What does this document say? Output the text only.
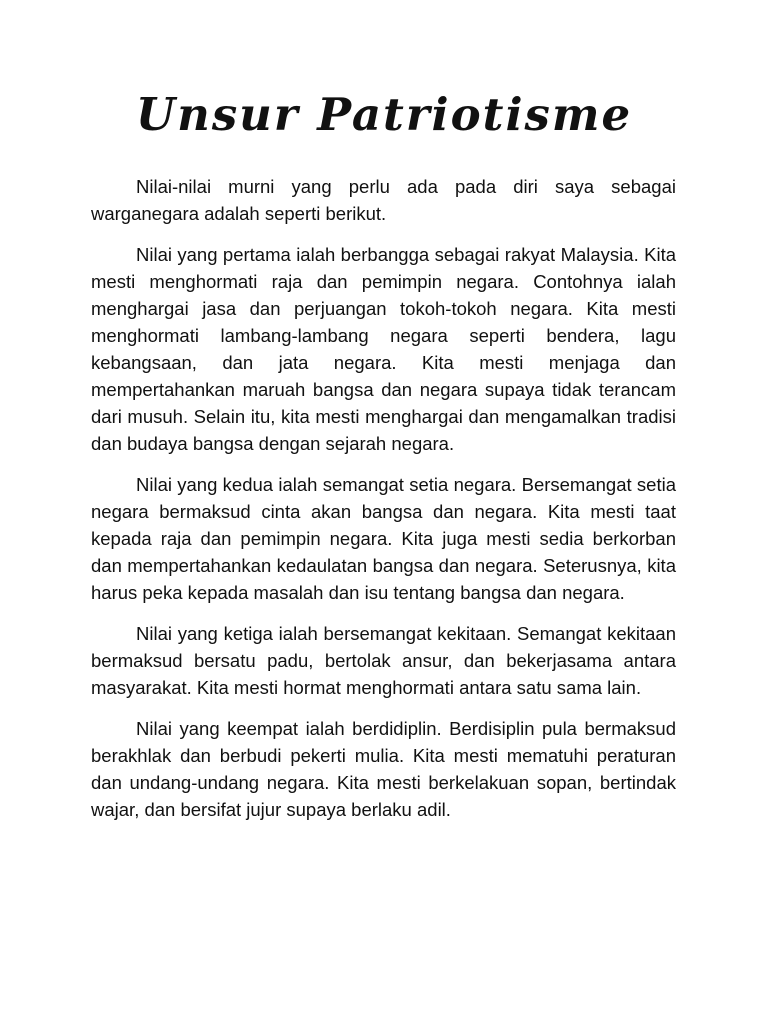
Unsur Patriotisme

Nilai-nilai murni yang perlu ada pada diri saya sebagai warganegara adalah seperti berikut.

Nilai yang pertama ialah berbangga sebagai rakyat Malaysia. Kita mesti menghormati raja dan pemimpin negara. Contohnya ialah menghargai jasa dan perjuangan tokoh-tokoh negara. Kita mesti menghormati lambang-lambang negara seperti bendera, lagu kebangsaan, dan jata negara. Kita mesti menjaga dan mempertahankan maruah bangsa dan negara supaya tidak terancam dari musuh. Selain itu, kita mesti menghargai dan mengamalkan tradisi dan budaya bangsa dengan sejarah negara.

Nilai yang kedua ialah semangat setia negara. Bersemangat setia negara bermaksud cinta akan bangsa dan negara. Kita mesti taat kepada raja dan pemimpin negara. Kita juga mesti sedia berkorban dan mempertahankan kedaulatan bangsa dan negara. Seterusnya, kita harus peka kepada masalah dan isu tentang bangsa dan negara.

Nilai yang ketiga ialah bersemangat kekitaan. Semangat kekitaan bermaksud bersatu padu, bertolak ansur, dan bekerjasama antara masyarakat. Kita mesti hormat menghormati antara satu sama lain.

Nilai yang keempat ialah berdidiplin. Berdisiplin pula bermaksud berakhlak dan berbudi pekerti mulia. Kita mesti mematuhi peraturan dan undang-undang negara. Kita mesti berkelakuan sopan, bertindak wajar, dan bersifat jujur supaya berlaku adil.
